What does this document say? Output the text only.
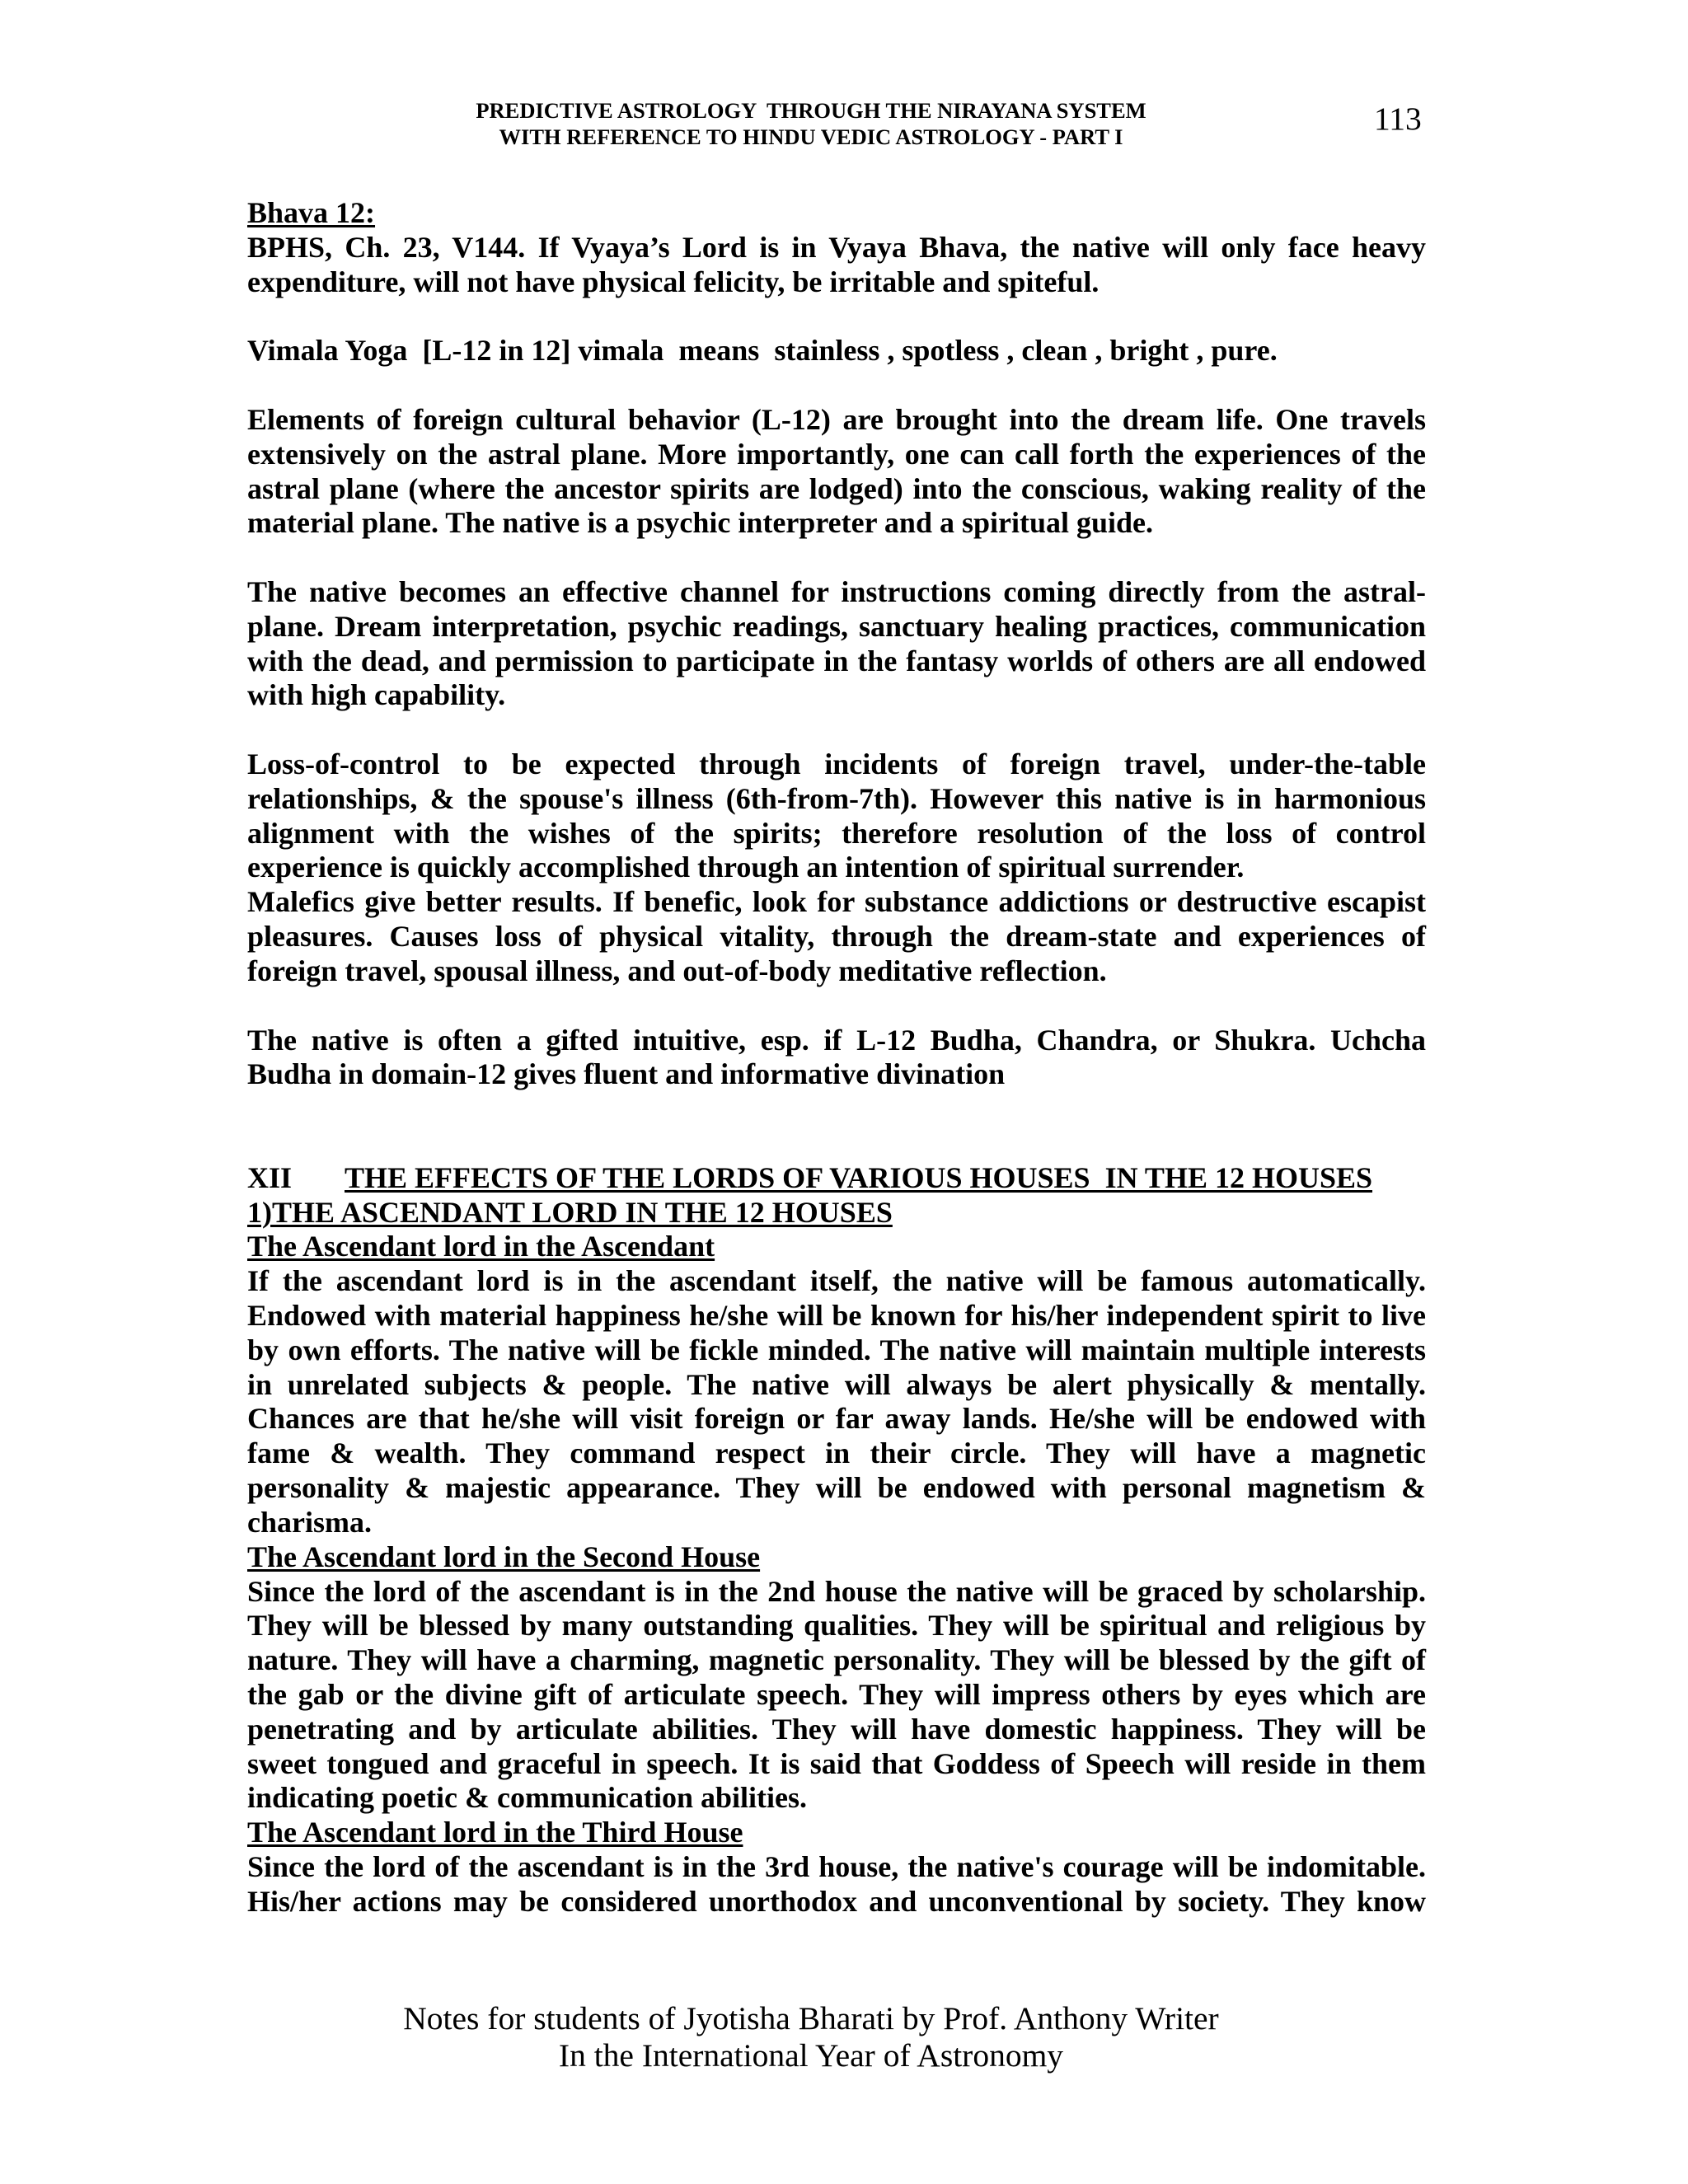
PREDICTIVE ASTROLOGY  THROUGH THE NIRAYANA SYSTEM
WITH REFERENCE TO HINDU VEDIC ASTROLOGY - PART I	113
Bhava 12:
BPHS, Ch. 23, V144. If Vyaya’s Lord is in Vyaya Bhava, the native will only face heavy
expenditure, will not have physical felicity, be irritable and spiteful.
Vimala Yoga  [L-12 in 12] vimala  means  stainless , spotless , clean , bright , pure.
Elements of foreign cultural behavior (L-12) are brought into the dream life. One travels
extensively on the astral plane. More importantly, one can call forth the experiences of the
astral plane (where the ancestor spirits are lodged) into the conscious, waking reality of the
material plane. The native is a psychic interpreter and a spiritual guide.
The native becomes an effective channel for instructions coming directly from the astral-
plane. Dream interpretation, psychic readings, sanctuary healing practices, communication
with the dead, and permission to participate in the fantasy worlds of others are all endowed
with high capability.
Loss-of-control to be expected through incidents of foreign travel, under-the-table
relationships, & the spouse's illness (6th-from-7th). However this native is in harmonious
alignment with the wishes of the spirits; therefore resolution of the loss of control
experience is quickly accomplished through an intention of spiritual surrender.
Malefics give better results. If benefic, look for substance addictions or destructive escapist
pleasures. Causes loss of physical vitality, through the dream-state and experiences of
foreign travel, spousal illness, and out-of-body meditative reflection.
The native is often a gifted intuitive, esp. if L-12 Budha, Chandra, or Shukra. Uchcha
Budha in domain-12 gives fluent and informative divination
XII THE EFFECTS OF THE LORDS OF VARIOUS HOUSES  IN THE 12 HOUSES
1)THE ASCENDANT LORD IN THE 12 HOUSES
The Ascendant lord in the Ascendant
If the ascendant lord is in the ascendant itself, the native will be famous automatically.
Endowed with material happiness he/she will be known for his/her independent spirit to live
by own efforts. The native will be fickle minded. The native will maintain multiple interests
in unrelated subjects & people. The native will always be alert physically & mentally.
Chances are that he/she will visit foreign or far away lands. He/she will be endowed with
fame & wealth. They command respect in their circle. They will have a magnetic
personality & majestic appearance. They will be endowed with personal magnetism &
charisma.
The Ascendant lord in the Second House
Since the lord of the ascendant is in the 2nd house the native will be graced by scholarship.
They will be blessed by many outstanding qualities. They will be spiritual and religious by
nature. They will have a charming, magnetic personality. They will be blessed by the gift of
the gab or the divine gift of articulate speech. They will impress others by eyes which are
penetrating and by articulate abilities. They will have domestic happiness. They will be
sweet tongued and graceful in speech. It is said that Goddess of Speech will reside in them
indicating poetic & communication abilities.
The Ascendant lord in the Third House
Since the lord of the ascendant is in the 3rd house, the native's courage will be indomitable.
His/her actions may be considered unorthodox and unconventional by society. They know
Notes for students of Jyotisha Bharati by Prof. Anthony Writer
In the International Year of Astronomy
